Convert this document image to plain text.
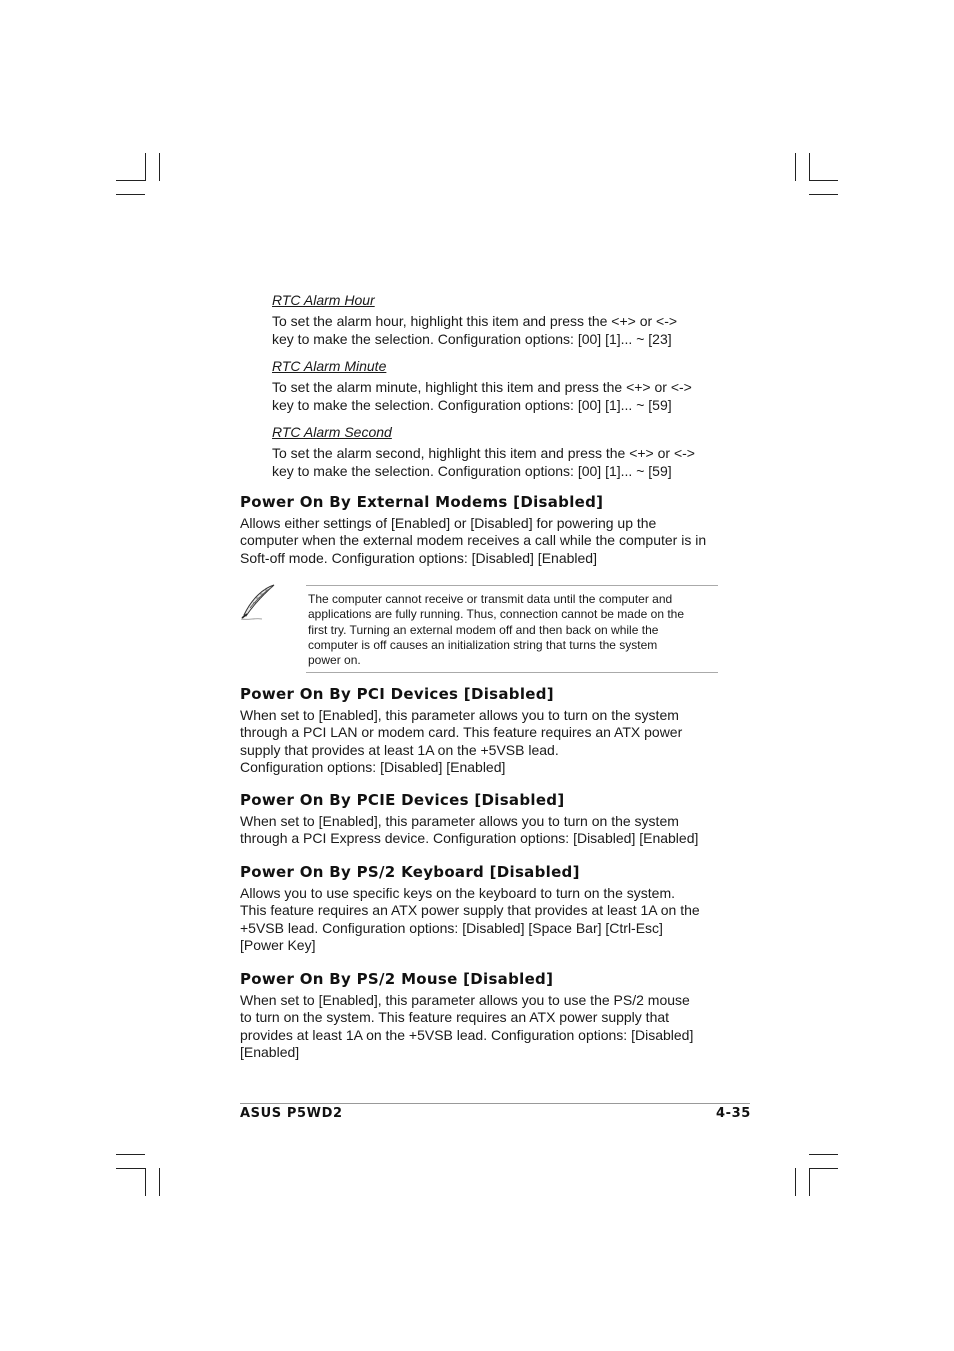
RTC Alarm Hour

To set the alarm hour, highlight this item and press the <+> or <->
key to make the selection. Configuration options: [00] [1]... ~ [23]

RTC Alarm Minute

To set the alarm minute, highlight this item and press the <+> or <->
key to make the selection. Configuration options: [00] [1]... ~ [59]

RTC Alarm Second

To set the alarm second, highlight this item and press the <+> or <->
key to make the selection. Configuration options: [00] [1]... ~ [59]

Power On By External Modems [Disabled]

Allows either settings of [Enabled] or [Disabled] for powering up the
computer when the external modem receives a call while the computer is in
Soft-off mode. Configuration options: [Disabled] [Enabled]

The computer cannot receive or transmit data until the computer and
applications are fully running. Thus, connection cannot be made on the
first try. Turning an external modem off and then back on while the
computer is off causes an initialization string that turns the system
power on.

Power On By PCI Devices [Disabled]

When set to [Enabled], this parameter allows you to turn on the system
through a PCI LAN or modem card. This feature requires an ATX power
supply that provides at least 1A on the +5VSB lead.
Configuration options: [Disabled] [Enabled]

Power On By PCIE Devices [Disabled]

When set to [Enabled], this parameter allows you to turn on the system
through a PCI Express device. Configuration options: [Disabled] [Enabled]

Power On By PS/2 Keyboard [Disabled]

Allows you to use specific keys on the keyboard to turn on the system.
This feature requires an ATX power supply that provides at least 1A on the
+5VSB lead. Configuration options: [Disabled] [Space Bar] [Ctrl-Esc]
[Power Key]

Power On By PS/2 Mouse [Disabled]

When set to [Enabled], this parameter allows you to use the PS/2 mouse
to turn on the system. This feature requires an ATX power supply that
provides at least 1A on the +5VSB lead. Configuration options: [Disabled]
[Enabled]

ASUS P5WD2	4-35
